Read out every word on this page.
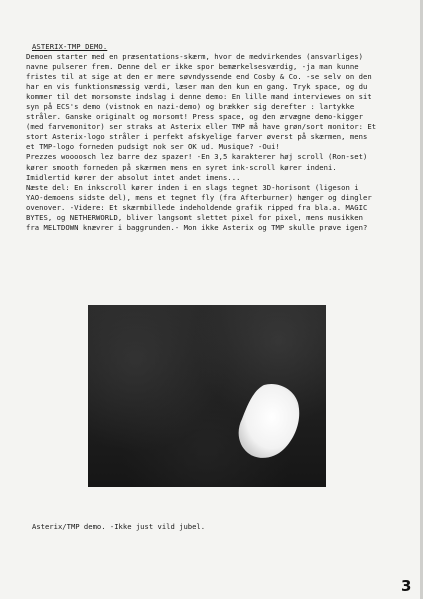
ASTERIX-TMP DEMO.
Demoen starter med en præsentations-skærm, hvor de medvirkendes (ansvarliges)
navne pulserer frem. Denne del er ikke spor bemærkelsesværdig, -ja man kunne
fristes til at sige at den er mere søvndyssende end Cosby & Co. -se selv on den
har en vis funktionsmæssig værdi, læser man den kun en gang. Tryk space, og du
kommer til det morsomste indslag i denne demo: En lille mand interviewes on sit
syn på ECS's demo (vistnok en nazi-demo) og brækker sig derefter : lartykke
stråler. Ganske originalt og morsomt! Press space, og den ærvægne demo-kigger
(med farvemonitor) ser straks at Asterix eller TMP må have grøn/sort monitor: Et
stort Asterix-logo stråler i perfekt afskyelige farver øverst på skærmen, mens
et TMP-logo forneden pudsigt nok ser OK ud. Musique? -Oui!
Prezzes woooosch lez barre dez spazer! -En 3,5 karakterer høj scroll (Ron-set)
kører smooth forneden på skærmen mens en syret ink-scroll kører indeni.
Imidlertid kører der absolut intet andet imens...
Næste del: En inkscroll kører inden i en slags tegnet 3D-horisont (ligeson i
YAO-demoens sidste del), mens et tegnet fly (fra Afterburner) hænger og dingler
ovenover. -Videre: Et skærmbillede indeholdende grafik ripped fra bla.a. MAGIC
BYTES, og NETHERWORLD, bliver langsomt slettet pixel for pixel, mens musikken
fra MELTDOWN knævrer i baggrunden.- Mon ikke Asterix og TMP skulle prøve igen?
Asterix/TMP demo. -Ikke just vild jubel.
3
